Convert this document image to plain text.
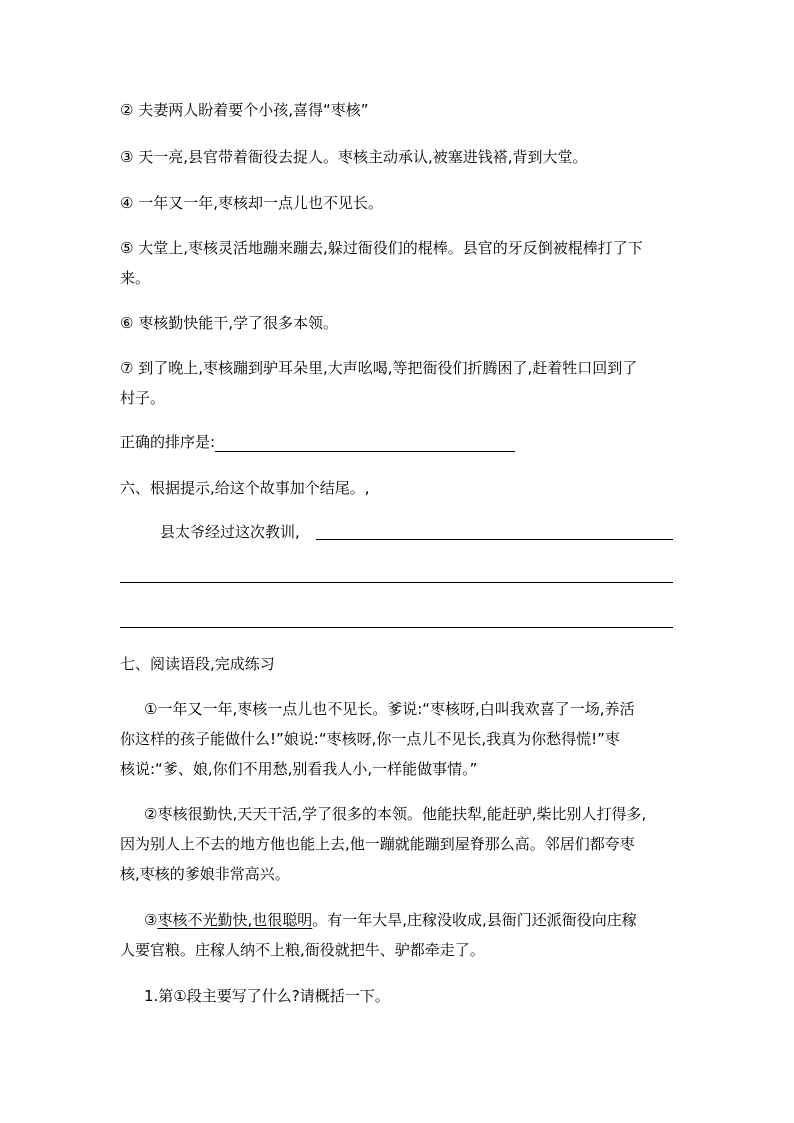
② 夫妻两人盼着要个小孩,喜得“枣核”
③ 天一亮,县官带着衙役去捉人。枣核主动承认,被塞进钱褡,背到大堂。
④ 一年又一年,枣核却一点儿也不见长。
⑤ 大堂上,枣核灵活地蹦来蹦去,躲过衙役们的棍棒。县官的牙反倒被棍棒打了下
来。
⑥ 枣核勤快能干,学了很多本领。
⑦ 到了晚上,枣核蹦到驴耳朵里,大声吆喝,等把衙役们折腾困了,赶着牲口回到了
村子。
正确的排序是:
六、根据提示,给这个故事加个结尾。,
县太爷经过这次教训,
七、阅读语段,完成练习
①一年又一年,枣核一点儿也不见长。爹说:“枣核呀,白叫我欢喜了一场,养活
你这样的孩子能做什么!”娘说:“枣核呀,你一点儿不见长,我真为你愁得慌!”枣
核说:“爹、娘,你们不用愁,别看我人小,一样能做事情。”
②枣核很勤快,天天干活,学了很多的本领。他能扶犁,能赶驴,柴比别人打得多,
因为别人上不去的地方他也能上去,他一蹦就能蹦到屋脊那么高。邻居们都夸枣
核,枣核的爹娘非常高兴。
③枣核不光勤快,也很聪明。有一年大旱,庄稼没收成,县衙门还派衙役向庄稼
人要官粮。庄稼人纳不上粮,衙役就把牛、驴都牵走了。
1.第①段主要写了什么?请概括一下。
